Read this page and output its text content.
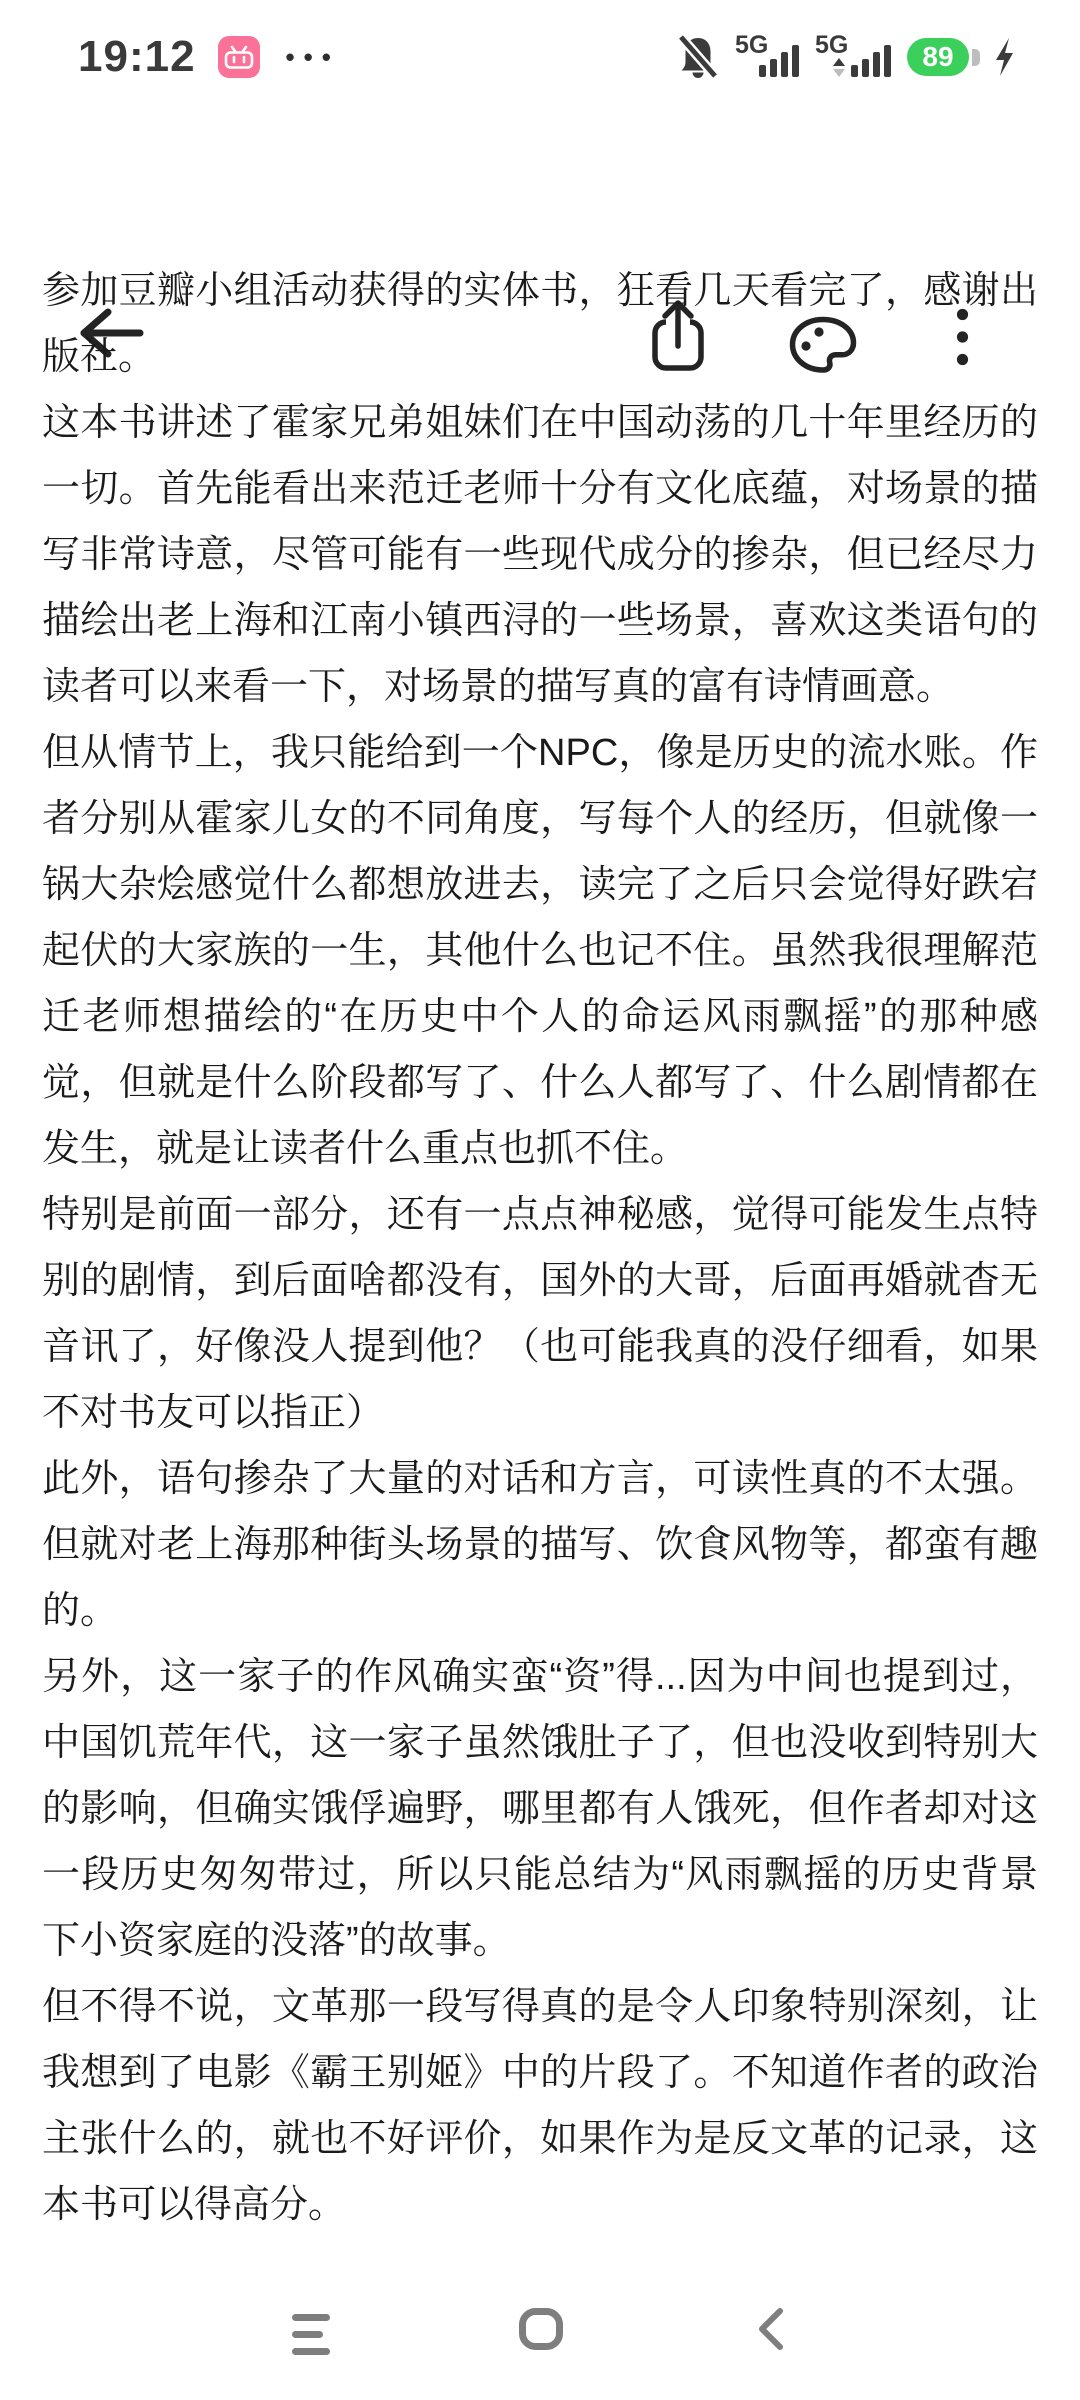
19:12	•••	5G 5G	89

参加豆瓣小组活动获得的实体书，狂看几天看完了，感谢出版社。

这本书讲述了霍家兄弟姐妹们在中国动荡的几十年里经历的一切。首先能看出来范迁老师十分有文化底蕴，对场景的描写非常诗意，尽管可能有一些现代成分的掺杂，但已经尽力描绘出老上海和江南小镇西浔的一些场景，喜欢这类语句的读者可以来看一下，对场景的描写真的富有诗情画意。

但从情节上，我只能给到一个NPC，像是历史的流水账。作者分别从霍家儿女的不同角度，写每个人的经历，但就像一锅大杂烩感觉什么都想放进去，读完了之后只会觉得好跌宕起伏的大家族的一生，其他什么也记不住。虽然我很理解范迁老师想描绘的“在历史中个人的命运风雨飘摇”的那种感觉，但就是什么阶段都写了、什么人都写了、什么剧情都在发生，就是让读者什么重点也抓不住。

特别是前面一部分，还有一点点神秘感，觉得可能发生点特别的剧情，到后面啥都没有，国外的大哥，后面再婚就杳无音讯了，好像没人提到他？（也可能我真的没仔细看，如果不对书友可以指正）

此外，语句掺杂了大量的对话和方言，可读性真的不太强。但就对老上海那种街头场景的描写、饮食风物等，都蛮有趣的。

另外，这一家子的作风确实蛮“资”得...因为中间也提到过，中国饥荒年代，这一家子虽然饿肚子了，但也没收到特别大的影响，但确实饿俘遍野，哪里都有人饿死，但作者却对这一段历史匆匆带过，所以只能总结为“风雨飘摇的历史背景下小资家庭的没落”的故事。

但不得不说，文革那一段写得真的是令人印象特别深刻，让我想到了电影《霸王别姬》中的片段了。不知道作者的政治主张什么的，就也不好评价，如果作为是反文革的记录，这本书可以得高分。
